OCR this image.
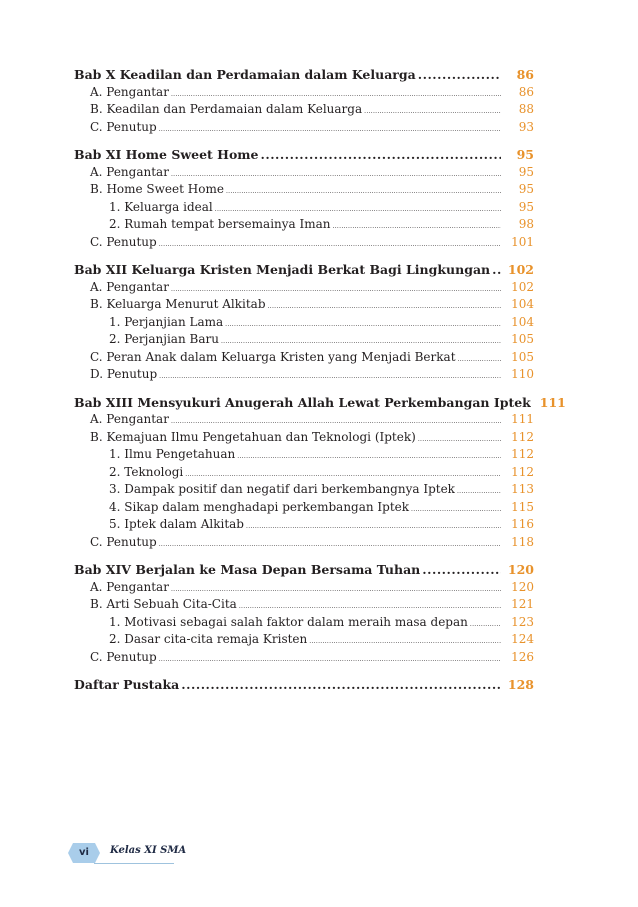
Bab X Keadilan dan Perdamaian dalam Keluarga .....	86
A. Pengantar .....	86
B. Keadilan dan Perdamaian dalam Keluarga .....	88
C. Penutup .....	93
Bab XI Home Sweet Home .....	95
A. Pengantar .....	95
B. Home Sweet Home .....	95
1. Keluarga ideal .....	95
2. Rumah tempat bersemainya Iman .....	98
C. Penutup .....	101
Bab XII Keluarga Kristen Menjadi Berkat Bagi Lingkungan .....	102
A. Pengantar .....	102
B. Keluarga Menurut Alkitab .....	104
1. Perjanjian Lama .....	104
2. Perjanjian Baru .....	105
C. Peran Anak dalam Keluarga Kristen yang Menjadi Berkat .....	105
D. Penutup .....	110
Bab XIII Mensyukuri Anugerah Allah Lewat Perkembangan Iptek 111
A. Pengantar .....	111
B. Kemajuan Ilmu Pengetahuan dan Teknologi (Iptek) .....	112
1. Ilmu Pengetahuan .....	112
2. Teknologi .....	112
3. Dampak positif dan negatif dari berkembangnya Iptek .....	113
4. Sikap dalam menghadapi perkembangan Iptek .....	115
5. Iptek dalam Alkitab .....	116
C. Penutup .....	118
Bab XIV Berjalan ke Masa Depan Bersama Tuhan .....	120
A. Pengantar .....	120
B. Arti Sebuah Cita-Cita .....	121
1. Motivasi sebagai salah faktor dalam meraih masa depan .....	123
2. Dasar cita-cita remaja Kristen .....	124
C. Penutup .....	126
Daftar Pustaka .....	128
vi	Kelas XI SMA
